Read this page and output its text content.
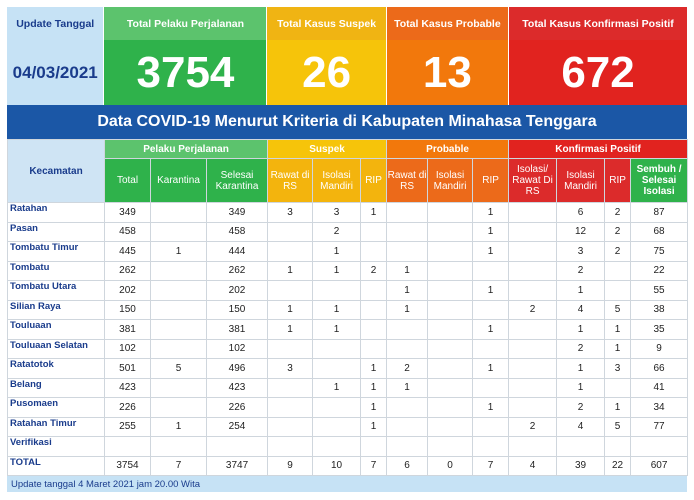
Update Tanggal
04/03/2021
Total Pelaku Perjalanan
3754
Total Kasus Suspek
26
Total Kasus Probable
13
Total Kasus Konfirmasi Positif
672
Data COVID-19 Menurut Kriteria di Kabupaten Minahasa Tenggara
Kecamatan	Pelaku Perjalanan			Suspek			Probable			Konfirmasi Positif			
	Total	Karantina	Selesai Karantina	Rawat di RS	Isolasi Mandiri	RIP	Rawat di RS	Isolasi Mandiri	RIP	Isolasi/ Rawat Di RS	Isolasi Mandiri	RIP	Sembuh / Selesai Isolasi
Ratahan	349		349	3	3	1			1		6	2	87
Pasan	458		458		2				1		12	2	68
Tombatu Timur	445	1	444		1				1		3	2	75
Tombatu	262		262	1	1	2	1				2		22
Tombatu Utara	202		202				1		1		1		55
Silian Raya	150		150	1	1		1			2	4	5	38
Touluaan	381		381	1	1				1		1	1	35
Touluaan Selatan	102		102								2	1	9
Ratatotok	501	5	496	3		1	2		1		1	3	66
Belang	423		423		1	1	1				1		41
Pusomaen	226		226			1			1		2	1	34
Ratahan Timur	255	1	254			1				2	4	5	77
Verifikasi													
TOTAL	3754	7	3747	9	10	7	6	0	7	4	39	22	607
Update tanggal 4 Maret 2021 jam 20.00 Wita
